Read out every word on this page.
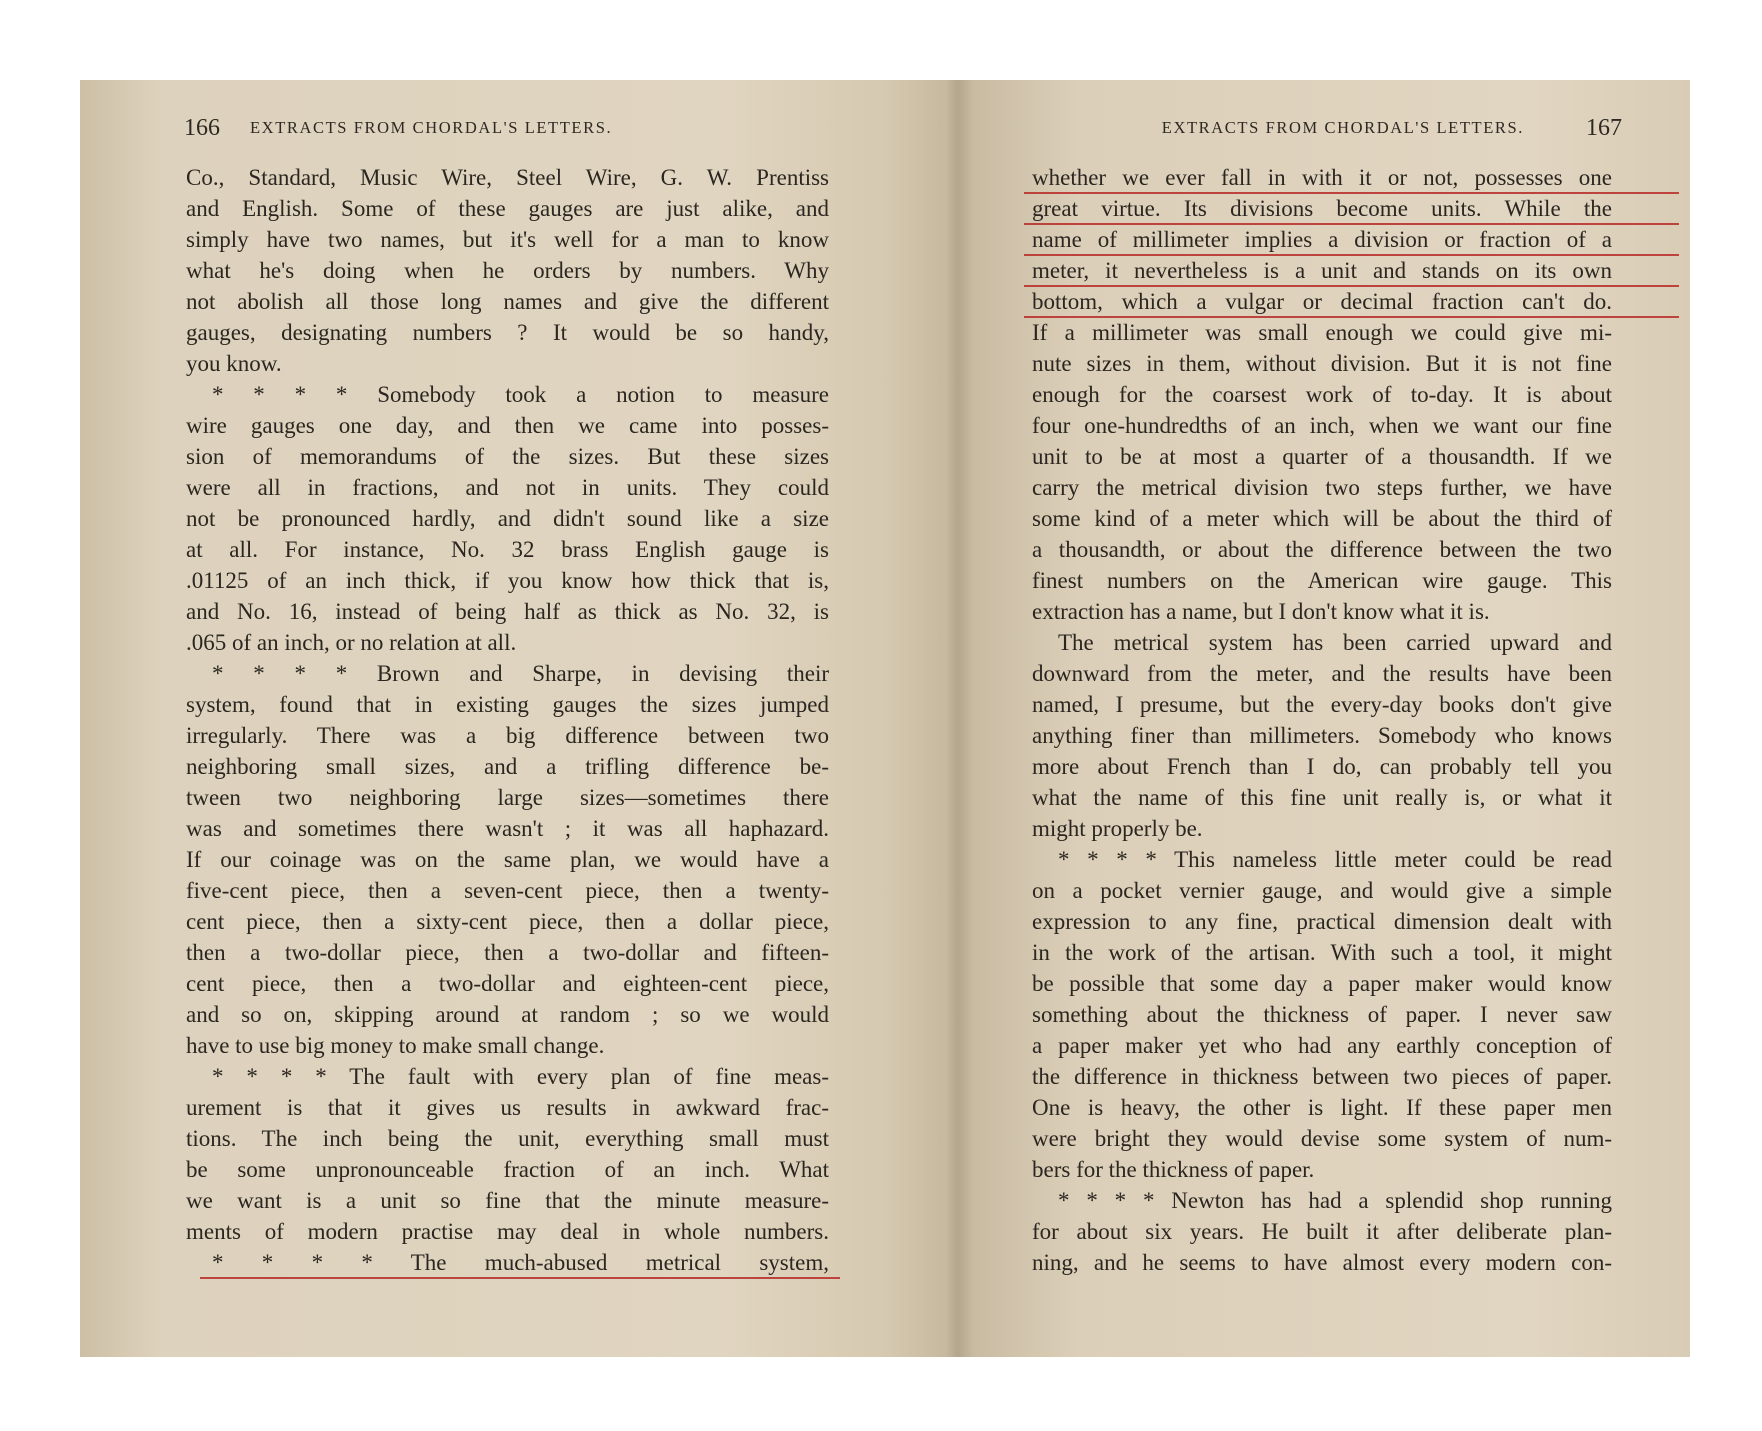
166 EXTRACTS FROM CHORDAL'S LETTERS.
Co., Standard, Music Wire, Steel Wire, G. W. Prentiss
and English. Some of these gauges are just alike, and
simply have two names, but it's well for a man to know
what he's doing when he orders by numbers. Why
not abolish all those long names and give the different
gauges, designating numbers ? It would be so handy,
you know.
* * * * Somebody took a notion to measure
wire gauges one day, and then we came into posses-
sion of memorandums of the sizes. But these sizes
were all in fractions, and not in units. They could
not be pronounced hardly, and didn't sound like a size
at all. For instance, No. 32 brass English gauge is
.01125 of an inch thick, if you know how thick that is,
and No. 16, instead of being half as thick as No. 32, is
.065 of an inch, or no relation at all.
* * * * Brown and Sharpe, in devising their
system, found that in existing gauges the sizes jumped
irregularly. There was a big difference between two
neighboring small sizes, and a trifling difference be-
tween two neighboring large sizes—sometimes there
was and sometimes there wasn't ; it was all haphazard.
If our coinage was on the same plan, we would have a
five-cent piece, then a seven-cent piece, then a twenty-
cent piece, then a sixty-cent piece, then a dollar piece,
then a two-dollar piece, then a two-dollar and fifteen-
cent piece, then a two-dollar and eighteen-cent piece,
and so on, skipping around at random ; so we would
have to use big money to make small change.
* * * * The fault with every plan of fine meas-
urement is that it gives us results in awkward frac-
tions. The inch being the unit, everything small must
be some unpronounceable fraction of an inch. What
we want is a unit so fine that the minute measure-
ments of modern practise may deal in whole numbers.
* * * * The much-abused metrical system,
EXTRACTS FROM CHORDAL'S LETTERS.	167
whether we ever fall in with it or not, possesses one
great virtue. Its divisions become units. While the
name of millimeter implies a division or fraction of a
meter, it nevertheless is a unit and stands on its own
bottom, which a vulgar or decimal fraction can't do.
If a millimeter was small enough we could give mi-
nute sizes in them, without division. But it is not fine
enough for the coarsest work of to-day. It is about
four one-hundredths of an inch, when we want our fine
unit to be at most a quarter of a thousandth. If we
carry the metrical division two steps further, we have
some kind of a meter which will be about the third of
a thousandth, or about the difference between the two
finest numbers on the American wire gauge. This
extraction has a name, but I don't know what it is.
The metrical system has been carried upward and
downward from the meter, and the results have been
named, I presume, but the every-day books don't give
anything finer than millimeters. Somebody who knows
more about French than I do, can probably tell you
what the name of this fine unit really is, or what it
might properly be.
* * * * This nameless little meter could be read
on a pocket vernier gauge, and would give a simple
expression to any fine, practical dimension dealt with
in the work of the artisan. With such a tool, it might
be possible that some day a paper maker would know
something about the thickness of paper. I never saw
a paper maker yet who had any earthly conception of
the difference in thickness between two pieces of paper.
One is heavy, the other is light. If these paper men
were bright they would devise some system of num-
bers for the thickness of paper.
* * * * Newton has had a splendid shop running
for about six years. He built it after deliberate plan-
ning, and he seems to have almost every modern con-
